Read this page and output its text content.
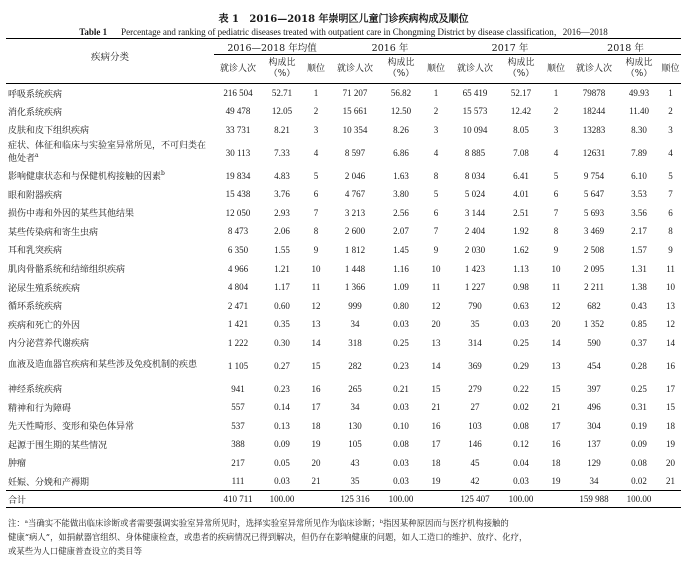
表 1 2016—2018 年崇明区儿童门诊疾病构成及顺位
Table 1 Percentage and ranking of pediatric diseases treated with outpatient care in Chongming District by disease classification，2016—2018
疾病分类	2016—2018 年均值			2016 年			2017 年			2018 年		
	就诊人次	构成比（%）	顺位	就诊人次	构成比（%）	顺位	就诊人次	构成比（%）	顺位	就诊人次	构成比（%）	顺位
呼吸系统疾病	216 504	52.71	1	71 207	56.82	1	65 419	52.17	1	79878	49.93	1
消化系统疾病	49 478	12.05	2	15 661	12.50	2	15 573	12.42	2	18244	11.40	2
皮肤和皮下组织疾病	33 731	8.21	3	10 354	8.26	3	10 094	8.05	3	13283	8.30	3
症状、体征和临床与实验室异常所见，不可归类在他处者$^a$	30 113	7.33	4	8 597	6.86	4	8 885	7.08	4	12631	7.89	4
影响健康状态和与保健机构接触的因素$^b$	19 834	4.83	5	2 046	1.63	8	8 034	6.41	5	9 754	6.10	5
眼和附器疾病	15 438	3.76	6	4 767	3.80	5	5 024	4.01	6	5 647	3.53	7
损伤中毒和外因的某些其他结果	12 050	2.93	7	3 213	2.56	6	3 144	2.51	7	5 693	3.56	6
某些传染病和寄生虫病	8 473	2.06	8	2 600	2.07	7	2 404	1.92	8	3 469	2.17	8
耳和乳突疾病	6 350	1.55	9	1 812	1.45	9	2 030	1.62	9	2 508	1.57	9
肌肉骨骼系统和结缔组织疾病	4 966	1.21	10	1 448	1.16	10	1 423	1.13	10	2 095	1.31	11
泌尿生殖系统疾病	4 804	1.17	11	1 366	1.09	11	1 227	0.98	11	2 211	1.38	10
循环系统疾病	2 471	0.60	12	999	0.80	12	790	0.63	12	682	0.43	13
疾病和死亡的外因	1 421	0.35	13	34	0.03	20	35	0.03	20	1 352	0.85	12
内分泌营养代谢疾病	1 222	0.30	14	318	0.25	13	314	0.25	14	590	0.37	14
血液及造血器官疾病和某些涉及免疫机制的疾患	1 105	0.27	15	282	0.23	14	369	0.29	13	454	0.28	16
神经系统疾病	941	0.23	16	265	0.21	15	279	0.22	15	397	0.25	17
精神和行为障碍	557	0.14	17	34	0.03	21	27	0.02	21	496	0.31	15
先天性畸形、变形和染色体异常	537	0.13	18	130	0.10	16	103	0.08	17	304	0.19	18
起源于围生期的某些情况	388	0.09	19	105	0.08	17	146	0.12	16	137	0.09	19
肿瘤	217	0.05	20	43	0.03	18	45	0.04	18	129	0.08	20
妊娠、分娩和产褥期	111	0.03	21	35	0.03	19	42	0.03	19	34	0.02	21
合计	410 711	100.00		125 316	100.00		125 407	100.00		159 988	100.00	
注：ᵃ当确实不能做出临床诊断或者需要强调实验室异常所见时，选择实验室异常所见作为临床诊断；ᵇ指因某种原因而与医疗机构接触的
健康“病人”，如捐献器官组织、身体健康检查，或患者的疾病情况已得到解决，但仍存在影响健康的问题，如人工造口的维护、放疗、化疗，
或某些为人口健康普查设立的类目等
